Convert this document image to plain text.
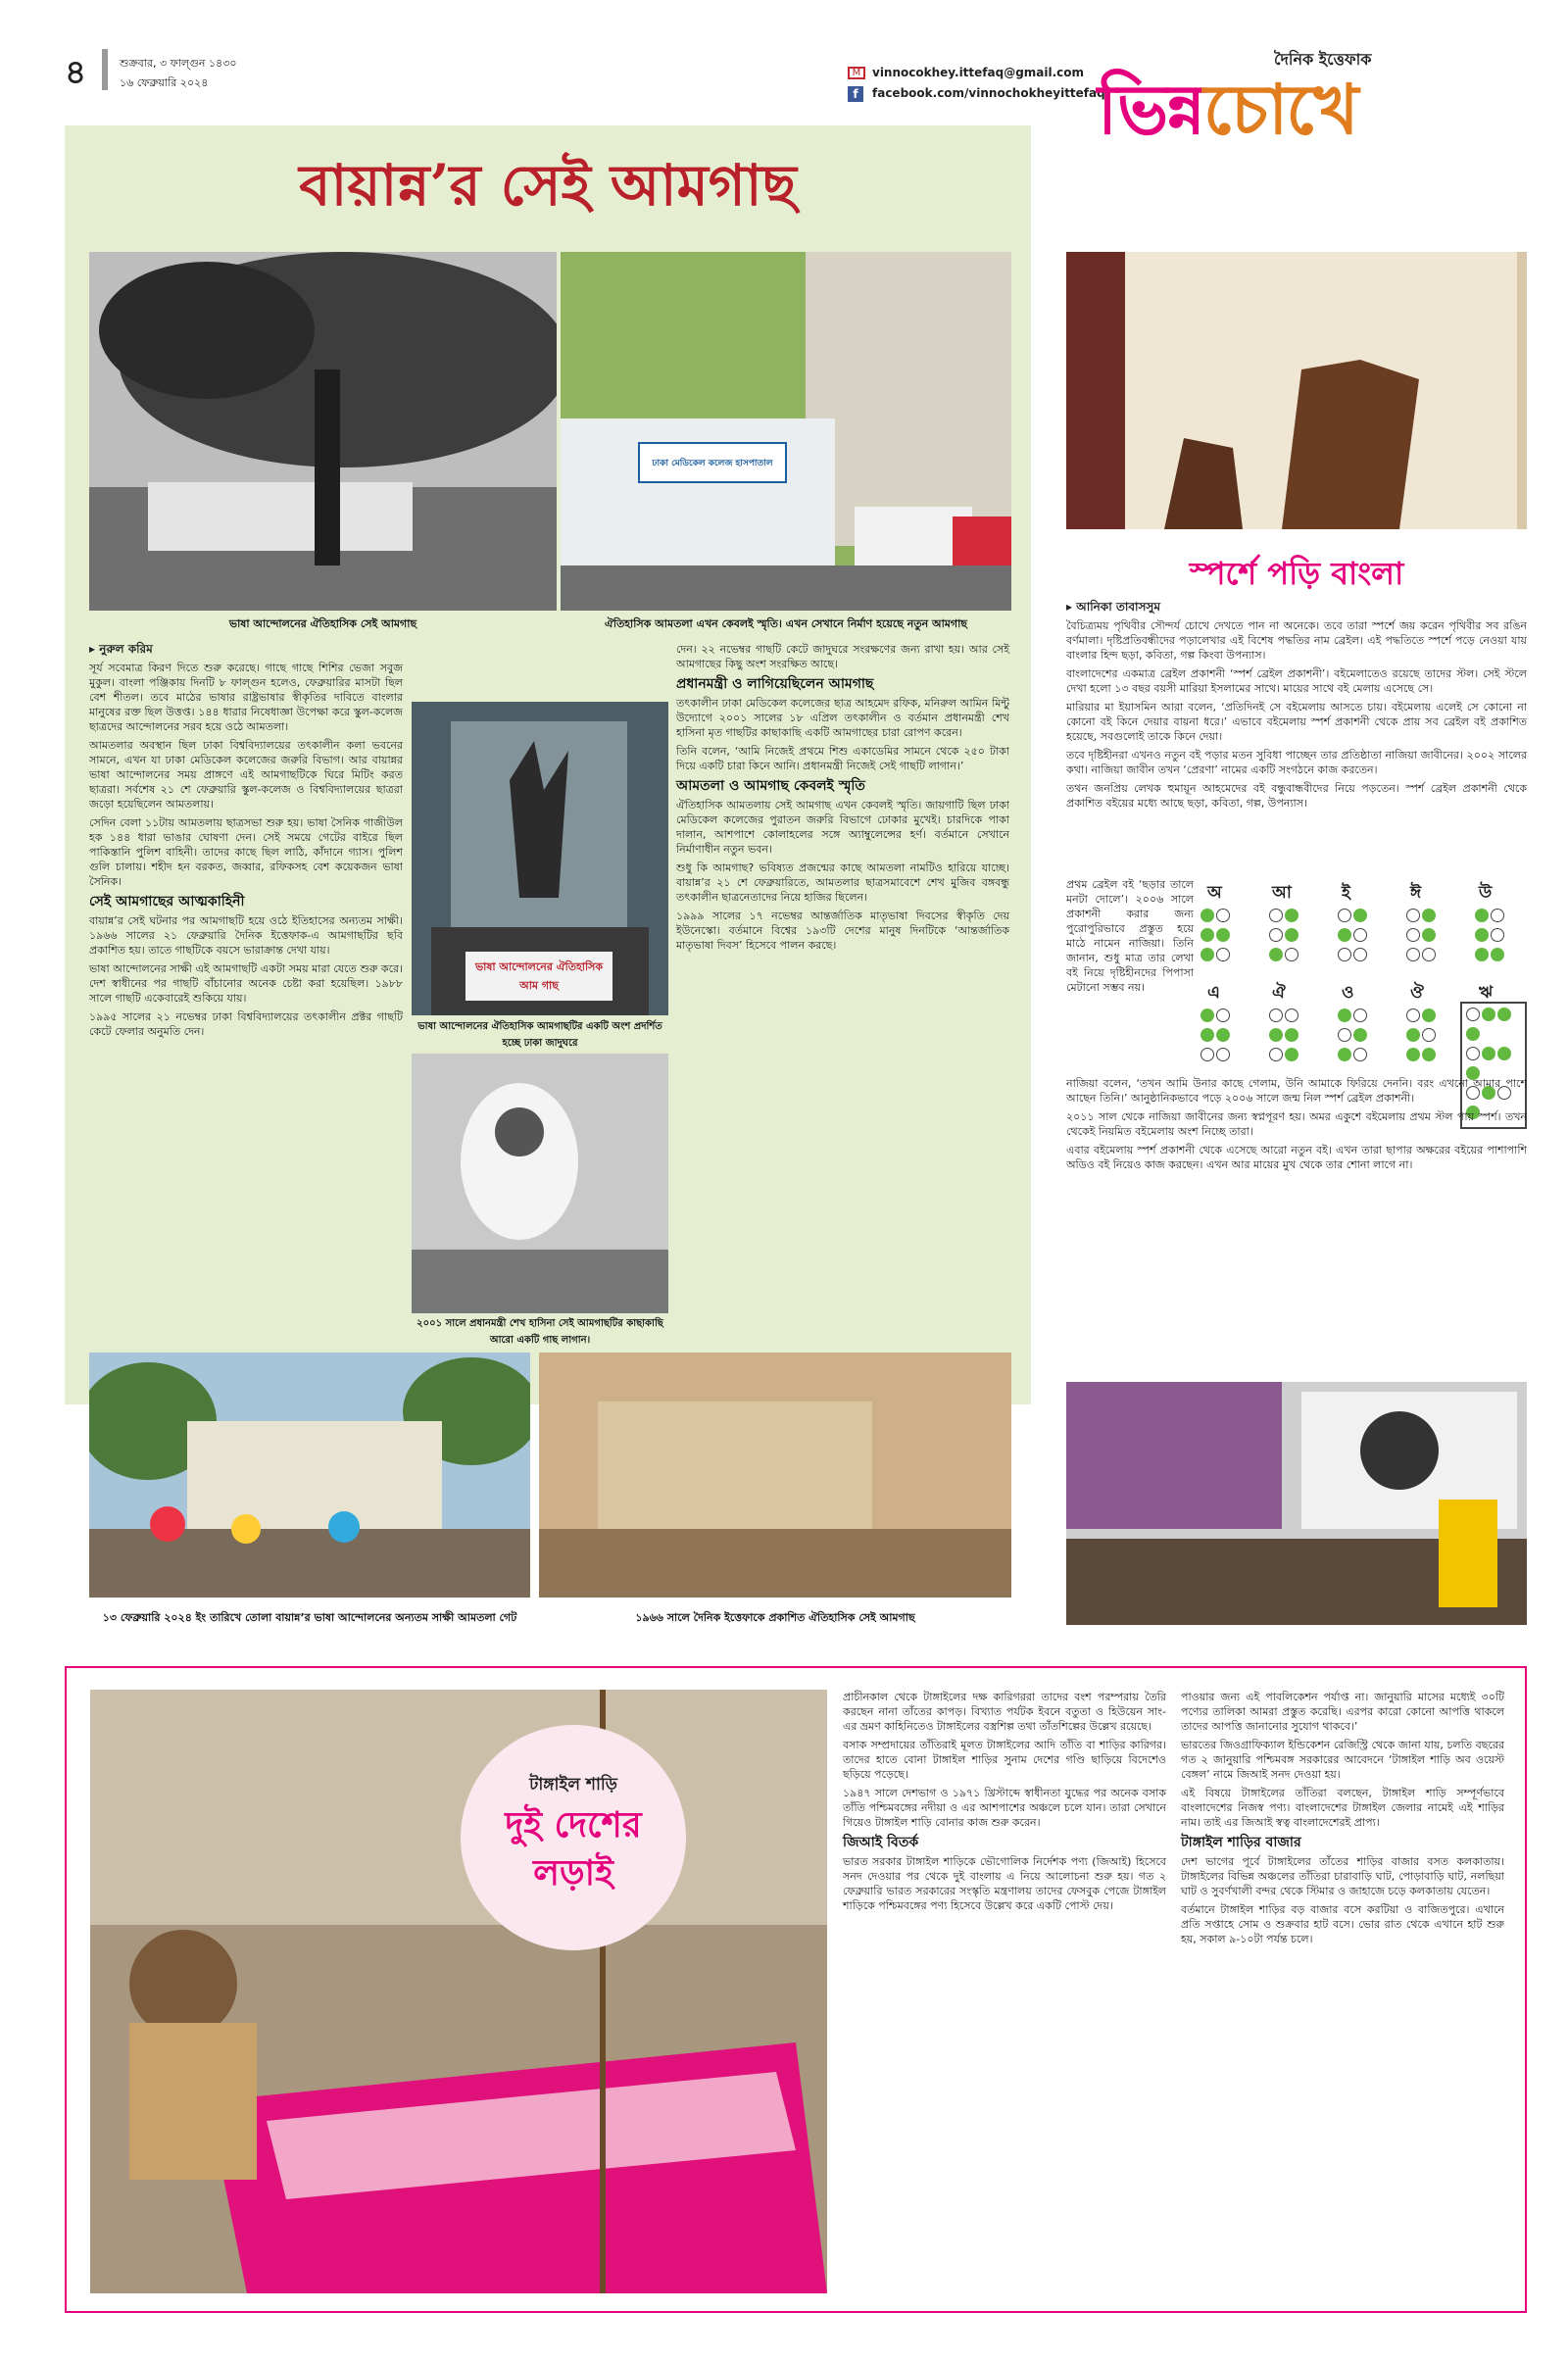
৪	শুক্রবার, ৩ ফাল্গুন ১৪৩০
১৬ ফেব্রুয়ারি ২০২৪
M vinnocokhey.ittefaq@gmail.com
f	facebook.com/vinnochokheyittefaq
দৈনিক ইত্তেফাক
ভিন্নচোখে
বায়ান্ন’র সেই আমগাছ
ভাষা আন্দোলনের ঐতিহাসিক সেই আমগাছ
ঢাকা মেডিকেল কলেজ হাসপাতাল
ঐতিহাসিক আমতলা এখন কেবলই স্মৃতি। এখন সেখানে নির্মাণ হয়েছে নতুন আমগাছ
▸ নুরুল করিম

সূর্য সবেমাত্র কিরণ দিতে শুরু করেছে। গাছে গাছে শিশির ভেজা সবুজ মুকুল। বাংলা পঞ্জিকায় দিনটি ৮ ফাল্গুন হলেও, ফেব্রুয়ারির মাসটা ছিল বেশ শীতল। তবে মাঠের ভাষার রাষ্ট্রভাষার স্বীকৃতির দাবিতে বাংলার মানুষের রক্ত ছিল উত্তপ্ত। ১৪৪ ধারার নিষেধাজ্ঞা উপেক্ষা করে স্কুল-কলেজ ছাত্রদের আন্দোলনের সরব হয়ে ওঠে আমতলা।

আমতলার অবস্থান ছিল ঢাকা বিশ্ববিদ্যালয়ের তৎকালীন কলা ভবনের সামনে, এখন যা ঢাকা মেডিকেল কলেজের জরুরি বিভাগ। আর বায়ান্নর ভাষা আন্দোলনের সময় প্রাঙ্গণে এই আমগাছটিকে ঘিরে মিটিং করত ছাত্ররা। সর্বশেষ ২১ শে ফেব্রুয়ারি স্কুল-কলেজ ও বিশ্ববিদ্যালয়ের ছাত্ররা জড়ো হয়েছিলেন আমতলায়।

সেদিন বেলা ১১টায় আমতলায় ছাত্রসভা শুরু হয়। ভাষা সৈনিক গাজীউল হক ১৪৪ ধারা ভাঙার ঘোষণা দেন। সেই সময়ে গেটের বাইরে ছিল পাকিস্তানি পুলিশ বাহিনী। তাদের কাছে ছিল লাঠি, কাঁদানে গ্যাস। পুলিশ গুলি চালায়। শহীদ হন বরকত, জব্বার, রফিকসহ বেশ কয়েকজন ভাষা সৈনিক।

সেই আমগাছের আত্মকাহিনী

বায়ান্ন’র সেই ঘটনার পর আমগাছটি হয়ে ওঠে ইতিহাসের অন্যতম সাক্ষী। ১৯৬৬ সালের ২১ ফেব্রুয়ারি দৈনিক ইত্তেফাক-এ আমগাছটির ছবি প্রকাশিত হয়। তাতে গাছটিকে বয়সে ভারাক্রান্ত দেখা যায়।

ভাষা আন্দোলনের সাক্ষী এই আমগাছটি একটা সময় মারা যেতে শুরু করে। দেশ স্বাধীনের পর গাছটি বাঁচানোর অনেক চেষ্টা করা হয়েছিল। ১৯৮৮ সালে গাছটি একেবারেই শুকিয়ে যায়।

১৯৯৫ সালের ২১ নভেম্বর ঢাকা বিশ্ববিদ্যালয়ের তৎকালীন প্রক্টর গাছটি কেটে ফেলার অনুমতি দেন।

ভাষা আন্দোলনের ঐতিহাসিক আম গাছ
ভাষা আন্দোলনের ঐতিহাসিক আমগাছটির একটি অংশ প্রদর্শিত হচ্ছে ঢাকা জাদুঘরে
২০০১ সালে প্রধানমন্ত্রী শেখ হাসিনা সেই আমগাছটির কাছাকাছি আরো একটি গাছ লাগান।

দেন। ২২ নভেম্বর গাছটি কেটে জাদুঘরে সংরক্ষণের জন্য রাখা হয়। আর সেই আমগাছের কিছু অংশ সংরক্ষিত আছে।

প্রধানমন্ত্রী ও লাগিয়েছিলেন আমগাছ

তৎকালীন ঢাকা মেডিকেল কলেজের ছাত্র আহমেদ রফিক, মনিরুল আমিন মিন্টু উদ্যোগে ২০০১ সালের ১৮ এপ্রিল তৎকালীন ও বর্তমান প্রধানমন্ত্রী শেখ হাসিনা মৃত গাছটির কাছাকাছি একটি আমগাছের চারা রোপণ করেন।

তিনি বলেন, ‘আমি নিজেই প্রথমে শিশু একাডেমির সামনে থেকে ২৫০ টাকা দিয়ে একটি চারা কিনে আনি। প্রধানমন্ত্রী নিজেই সেই গাছটি লাগান।’

আমতলা ও আমগাছ কেবলই স্মৃতি

ঐতিহাসিক আমতলায় সেই আমগাছ এখন কেবলই স্মৃতি। জায়গাটি ছিল ঢাকা মেডিকেল কলেজের পুরাতন জরুরি বিভাগে ঢোকার মুখেই। চারদিকে পাকা দালান, আশপাশে কোলাহলের সঙ্গে অ্যাম্বুলেন্সের হর্ণ। বর্তমানে সেখানে নির্মাণাধীন নতুন ভবন।

শুধু কি আমগাছ? ভবিষ্যত প্রজন্মের কাছে আমতলা নামটিও হারিয়ে যাচ্ছে। বায়ান্ন’র ২১ শে ফেব্রুয়ারিতে, আমতলার ছাত্রসমাবেশে শেখ মুজিব বঙ্গবন্ধু তৎকালীন ছাত্রনেতাদের নিয়ে হাজির ছিলেন।

১৯৯৯ সালের ১৭ নভেম্বর আন্তর্জাতিক মাতৃভাষা দিবসের স্বীকৃতি দেয় ইউনেস্কো। বর্তমানে বিশ্বের ১৯৩টি দেশের মানুষ দিনটিকে ‘আন্তর্জাতিক মাতৃভাষা দিবস’ হিসেবে পালন করছে।

১৩ ফেব্রুয়ারি ২০২৪ ইং তারিখে তোলা বায়ান্ন’র ভাষা আন্দোলনের অন্যতম সাক্ষী আমতলা গেট	১৯৬৬ সালে দৈনিক ইত্তেফাকে প্রকাশিত ঐতিহাসিক সেই আমগাছ
স্পর্শে পড়ি বাংলা
▸ আনিকা তাবাসসুম

বৈচিত্র্যময় পৃথিবীর সৌন্দর্য চোখে দেখতে পান না অনেকে। তবে তারা স্পর্শে জয় করেন পৃথিবীর সব রঙিন বর্ণমালা। দৃষ্টিপ্রতিবন্ধীদের পড়ালেখার এই বিশেষ পদ্ধতির নাম ব্রেইল। এই পদ্ধতিতে স্পর্শে পড়ে নেওয়া যায় বাংলার হিন্দ ছড়া, কবিতা, গল্প কিংবা উপন্যাস।

বাংলাদেশের একমাত্র ব্রেইল প্রকাশনী ‘স্পর্শ ব্রেইল প্রকাশনী’। বইমেলাতেও রয়েছে তাদের স্টল। সেই স্টলে দেখা হলো ১৩ বছর বয়সী মারিয়া ইসলামের সাথে। মায়ের সাথে বই মেলায় এসেছে সে।

মারিয়ার মা ইয়াসমিন আরা বলেন, ‘প্রতিদিনই সে বইমেলায় আসতে চায়। বইমেলায় এলেই সে কোনো না কোনো বই কিনে দেয়ার বায়না ধরে।’ এভাবে বইমেলায় স্পর্শ প্রকাশনী থেকে প্রায় সব ব্রেইল বই প্রকাশিত হয়েছে, সবগুলোই তাকে কিনে দেয়া।

তবে দৃষ্টিহীনরা এখনও নতুন বই পড়ার মতন সুবিধা পাচ্ছেন তার প্রতিষ্ঠাতা নাজিয়া জাবীনের। ২০০২ সালের কথা। নাজিয়া জাবীন তখন ‘প্রেরণা’ নামের একটি সংগঠনে কাজ করতেন।

তথন জনপ্রিয় লেখক হুমায়ূন আহমেদের বই বন্ধুবান্ধবীদের নিয়ে পড়তেন। স্পর্শ ব্রেইল প্রকাশনী থেকে প্রকাশিত বইয়ের মধ্যে আছে ছড়া, কবিতা, গল্প, উপন্যাস।

প্রথম ব্রেইল বই ‘ছড়ার তালে মনটা দোলে’। ২০০৬ সালে প্রকাশনী করার জন্য পুরোপুরিভাবে প্রস্তুত হয়ে মাঠে নামেন নাজিয়া। তিনি জানান, শুধু মাত্র তার লেখা বই নিয়ে দৃষ্টিহীনদের পিপাসা মেটানো সম্ভব নয়।

অ	আ	ই	ঈ	উ

এ	ঐ	ও	ঔ	ঋ

নাজিয়া বলেন, ‘তখন আমি উনার কাছে গেলাম, উনি আমাকে ফিরিয়ে দেননি। বরং এখনো আমার পাশে আছেন তিনি।’ আনুষ্ঠানিকভাবে পড়ে ২০০৬ সালে জন্ম নিল স্পর্শ ব্রেইল প্রকাশনী।

২০১১ সাল থেকে নাজিয়া জাবীনের জন্য স্বপ্নপূরণ হয়। অমর একুশে বইমেলায় প্রথম স্টল পায় স্পর্শ। তখন থেকেই নিয়মিত বইমেলায় অংশ নিচ্ছে তারা।

এবার বইমেলায় স্পর্শ প্রকাশনী থেকে এসেছে আরো নতুন বই। এখন তারা ছাপার অক্ষরের বইয়ের পাশাপাশি অডিও বই নিয়েও কাজ করছেন। এখন আর মায়ের মুখ থেকে তার শোনা লাগে না।

টাঙ্গাইল শাড়ি
দুই দেশের
লড়াই

প্রাচীনকাল থেকে টাঙ্গাইলের দক্ষ কারিগররা তাদের বংশ পরম্পরায় তৈরি করছেন নানা তাঁতের কাপড়। বিখ্যাত পর্যটক ইবনে বতুতা ও হিউয়েন সাং-এর ভ্রমণ কাহিনিতেও টাঙ্গাইলের বস্ত্রশিল্প তথা তাঁতশিল্পের উল্লেখ রয়েছে।

বসাক সম্প্রদায়ের তাঁতিরাই মূলত টাঙ্গাইলের আদি তাঁতি বা শাড়ির কারিগর। তাদের হাতে বোনা টাঙ্গাইল শাড়ির সুনাম দেশের গণ্ডি ছাড়িয়ে বিদেশেও ছড়িয়ে পড়েছে।

১৯৪৭ সালে দেশভাগ ও ১৯৭১ খ্রিস্টাব্দে স্বাধীনতা যুদ্ধের পর অনেক বসাক তাঁতি পশ্চিমবঙ্গের নদীয়া ও এর আশপাশের অঞ্চলে চলে যান। তারা সেখানে গিয়েও টাঙ্গাইল শাড়ি বোনার কাজ শুরু করেন।

জিআই বিতর্ক

ভারত সরকার টাঙ্গাইল শাড়িকে ভৌগোলিক নির্দেশক পণ্য (জিআই) হিসেবে সনদ দেওয়ার পর থেকে দুই বাংলায় এ নিয়ে আলোচনা শুরু হয়। গত ২ ফেব্রুয়ারি ভারত সরকারের সংস্কৃতি মন্ত্রণালয় তাদের ফেসবুক পেজে টাঙ্গাইল শাড়িকে পশ্চিমবঙ্গের পণ্য হিসেবে উল্লেখ করে একটি পোস্ট দেয়।

পাওয়ার জন্য এই পাবলিকেশন পর্যাপ্ত না। জানুয়ারি মাসের মধ্যেই ৩০টি পণ্যের তালিকা আমরা প্রস্তুত করেছি। এরপর কারো কোনো আপত্তি থাকলে তাদের আপত্তি জানানোর সুযোগ থাকবে।’

ভারতের জিওগ্রাফিক্যাল ইন্ডিকেশন রেজিস্ট্রি থেকে জানা যায়, চলতি বছরের গত ২ জানুয়ারি পশ্চিমবঙ্গ সরকারের আবেদনে ‘টাঙ্গাইল শাড়ি অব ওয়েস্ট বেঙ্গল’ নামে জিআই সনদ দেওয়া হয়।

এই বিষয়ে টাঙ্গাইলের তাঁতিরা বলছেন, টাঙ্গাইল শাড়ি সম্পূর্ণভাবে বাংলাদেশের নিজস্ব পণ্য। বাংলাদেশের টাঙ্গাইল জেলার নামেই এই শাড়ির নাম। তাই এর জিআই স্বত্ব বাংলাদেশেরই প্রাপ্য।

টাঙ্গাইল শাড়ির বাজার

দেশ ভাগের পূর্বে টাঙ্গাইলের তাঁতের শাড়ির বাজার বসত কলকাতায়। টাঙ্গাইলের বিভিন্ন অঞ্চলের তাঁতিরা চারাবাড়ি ঘাট, পোড়াবাড়ি ঘাট, নলছিয়া ঘাট ও সুবর্ণখালী বন্দর থেকে স্টিমার ও জাহাজে চড়ে কলকাতায় যেতেন।

বর্তমানে টাঙ্গাইল শাড়ির বড় বাজার বসে করটিয়া ও বাজিতপুরে। এখানে প্রতি সপ্তাহে সোম ও শুক্রবার হাট বসে। ভোর রাত থেকে এখানে হাট শুরু হয়, সকাল ৯-১০টা পর্যন্ত চলে।
